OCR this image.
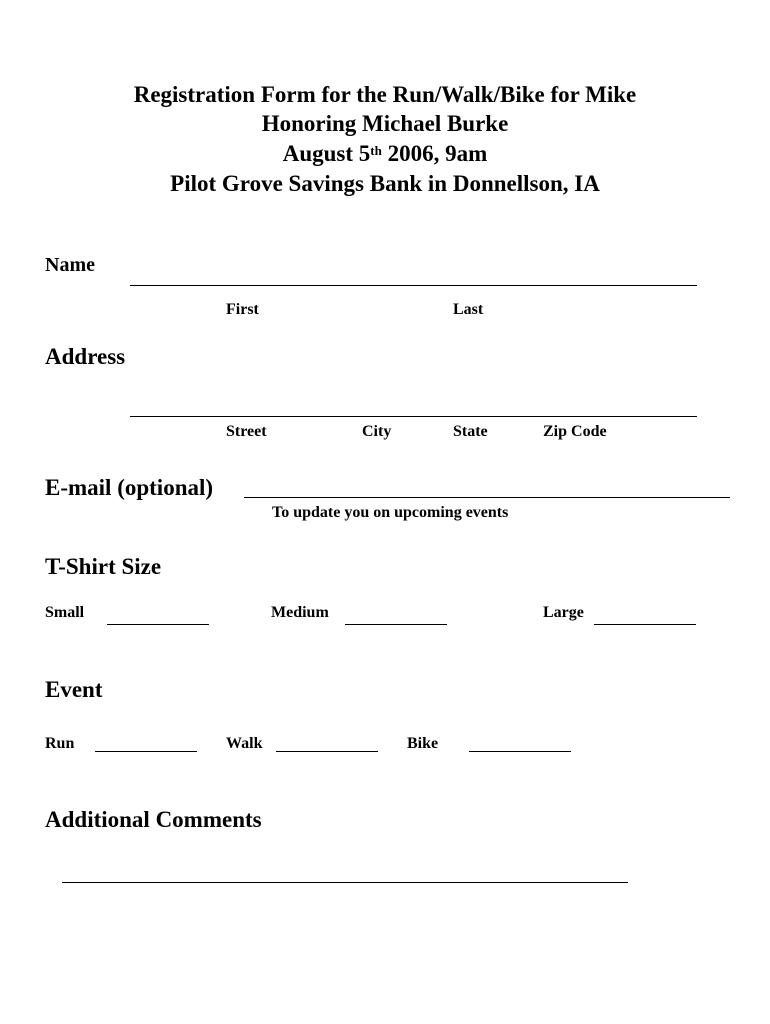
Registration Form for the Run/Walk/Bike for Mike
Honoring Michael Burke
August 5th 2006, 9am
Pilot Grove Savings Bank in Donnellson, IA
Name
First	Last
Address
Street	City	State	Zip Code
E-mail (optional)
To update you on upcoming events
T-Shirt Size
Small	Medium	Large
Event
Run	Walk	Bike
Additional Comments
